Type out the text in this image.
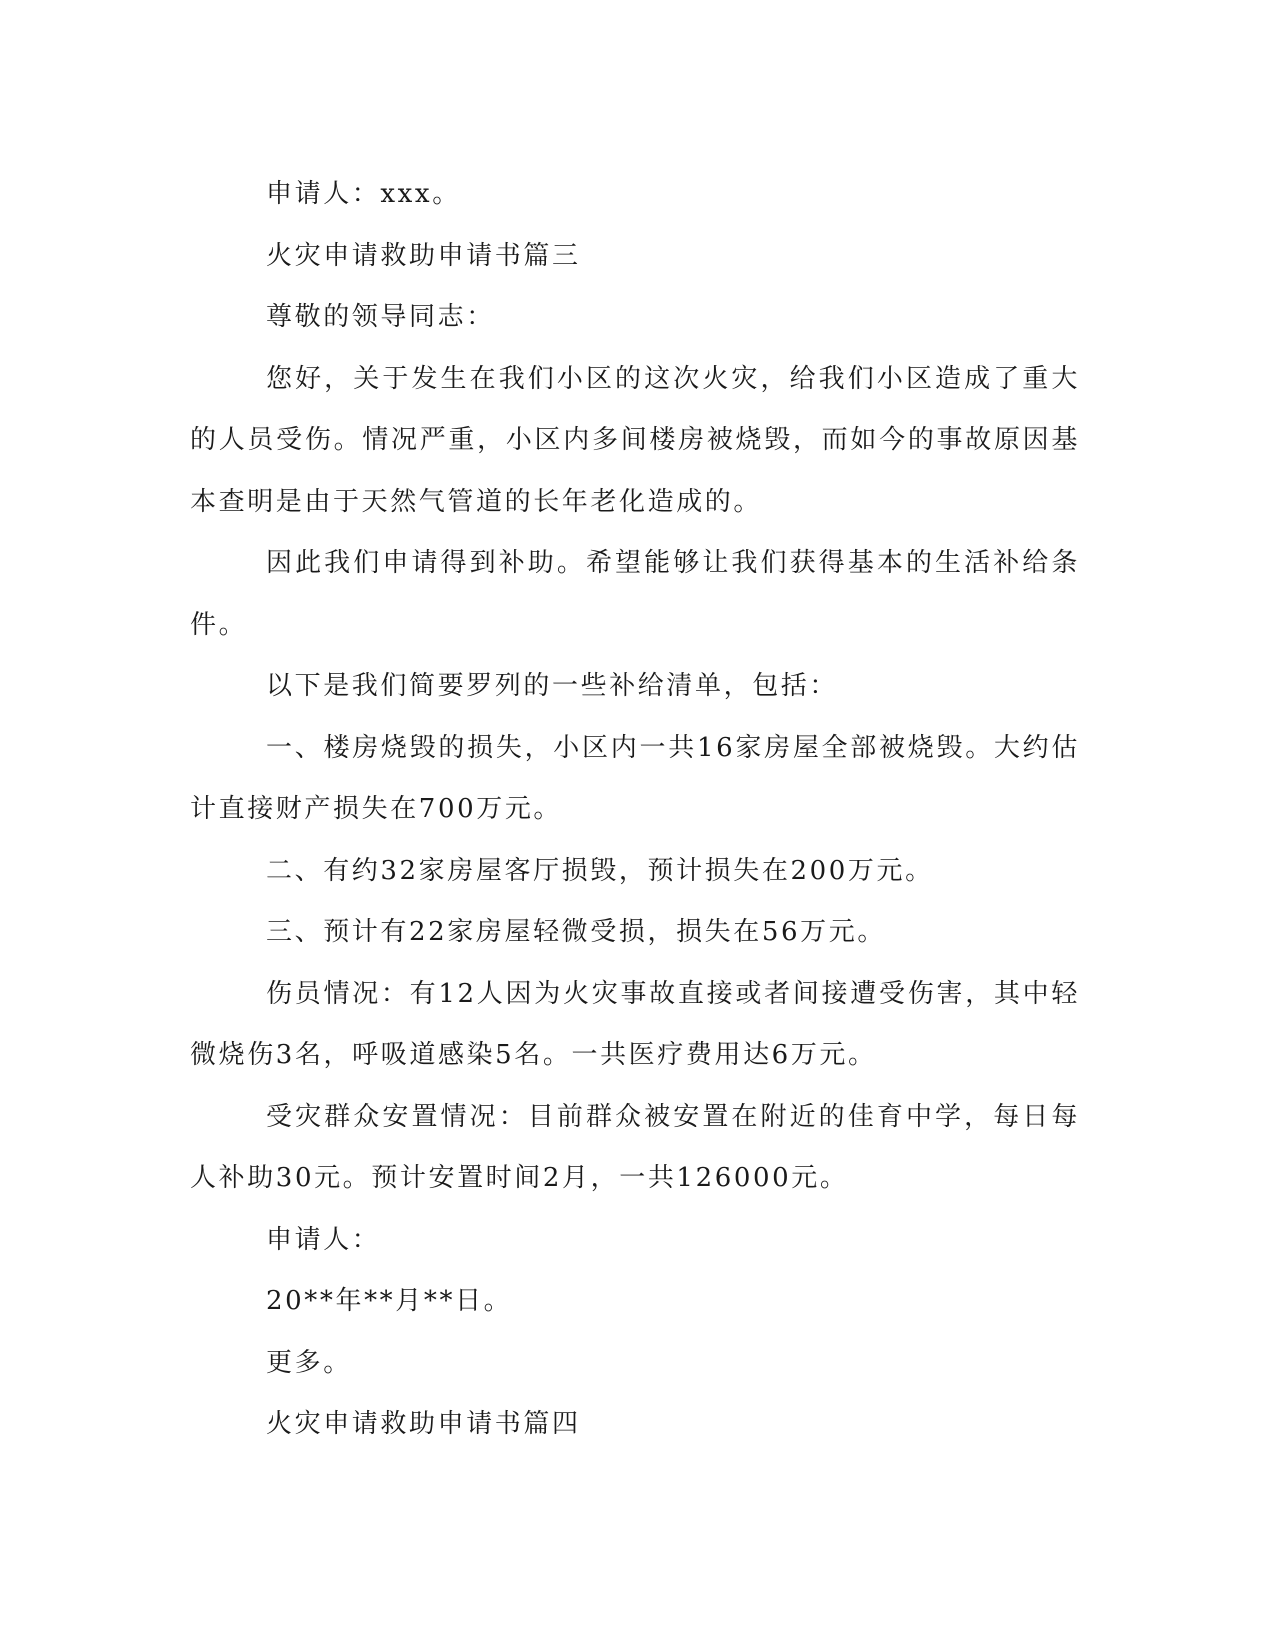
申请人：xxx。

火灾申请救助申请书篇三

尊敬的领导同志：

您好，关于发生在我们小区的这次火灾，给我们小区造成了重大的人员受伤。情况严重，小区内多间楼房被烧毁，而如今的事故原因基本查明是由于天然气管道的长年老化造成的。

因此我们申请得到补助。希望能够让我们获得基本的生活补给条件。

以下是我们简要罗列的一些补给清单，包括：

一、楼房烧毁的损失，小区内一共16家房屋全部被烧毁。大约估计直接财产损失在700万元。

二、有约32家房屋客厅损毁，预计损失在200万元。

三、预计有22家房屋轻微受损，损失在56万元。

伤员情况：有12人因为火灾事故直接或者间接遭受伤害，其中轻微烧伤3名，呼吸道感染5名。一共医疗费用达6万元。

受灾群众安置情况：目前群众被安置在附近的佳育中学，每日每人补助30元。预计安置时间2月，一共126000元。

申请人：

20**年**月**日。

更多。

火灾申请救助申请书篇四
